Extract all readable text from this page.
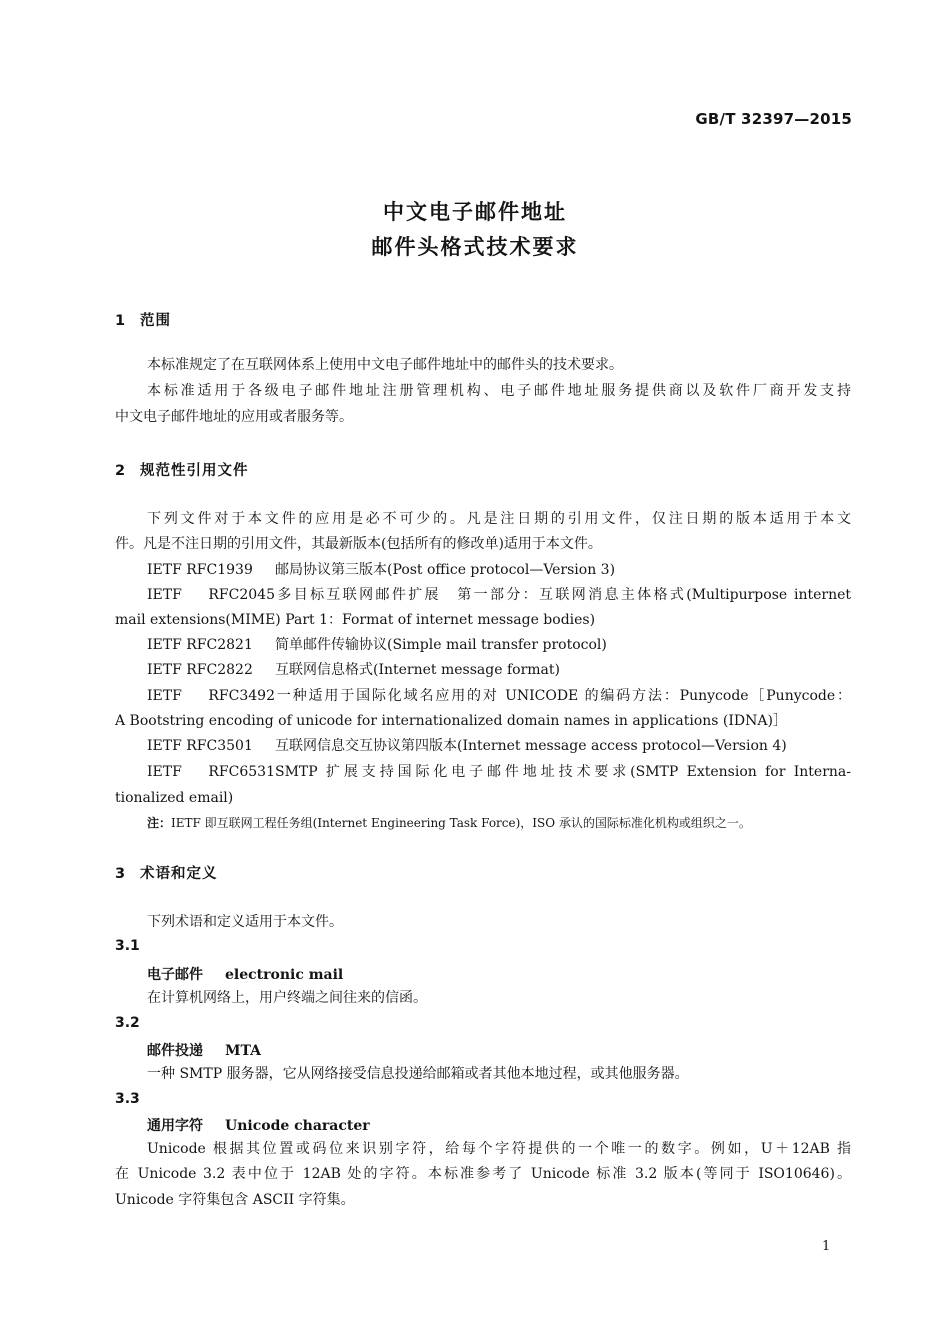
GB/T 32397—2015
中文电子邮件地址
邮件头格式技术要求
1 范围
本标准规定了在互联网体系上使用中文电子邮件地址中的邮件头的技术要求。
本标准适用于各级电子邮件地址注册管理机构、电子邮件地址服务提供商以及软件厂商开发支持
中文电子邮件地址的应用或者服务等。
2 规范性引用文件
下列文件对于本文件的应用是必不可少的。凡是注日期的引用文件，仅注日期的版本适用于本文
件。凡是不注日期的引用文件，其最新版本(包括所有的修改单)适用于本文件。
IETF RFC1939 邮局协议第三版本(Post office protocol—Version 3)
IETF RFC2045多目标互联网邮件扩展　第一部分：互联网消息主体格式(Multipurpose internet
mail extensions(MIME) Part 1：Format of internet message bodies)
IETF RFC2821 简单邮件传输协议(Simple mail transfer protocol)
IETF RFC2822 互联网信息格式(Internet message format)
IETF RFC3492一种适用于国际化域名应用的对 UNICODE 的编码方法：Punycode［Punycode：
A Bootstring encoding of unicode for internationalized domain names in applications (IDNA)］
IETF RFC3501 互联网信息交互协议第四版本(Internet message access protocol—Version 4)
IETF RFC6531SMTP 扩展支持国际化电子邮件地址技术要求(SMTP Extension for Interna-
tionalized email)
注：IETF 即互联网工程任务组(Internet Engineering Task Force)，ISO 承认的国际标准化机构或组织之一。
3 术语和定义
下列术语和定义适用于本文件。
3.1
电子邮件 electronic mail
在计算机网络上，用户终端之间往来的信函。
3.2
邮件投递 MTA
一种 SMTP 服务器，它从网络接受信息投递给邮箱或者其他本地过程，或其他服务器。
3.3
通用字符 Unicode character
Unicode 根据其位置或码位来识别字符，给每个字符提供的一个唯一的数字。例如，U＋12AB 指
在 Unicode 3.2 表中位于 12AB 处的字符。本标准参考了 Unicode 标准 3.2 版本(等同于 ISO10646)。
Unicode 字符集包含 ASCII 字符集。
1
